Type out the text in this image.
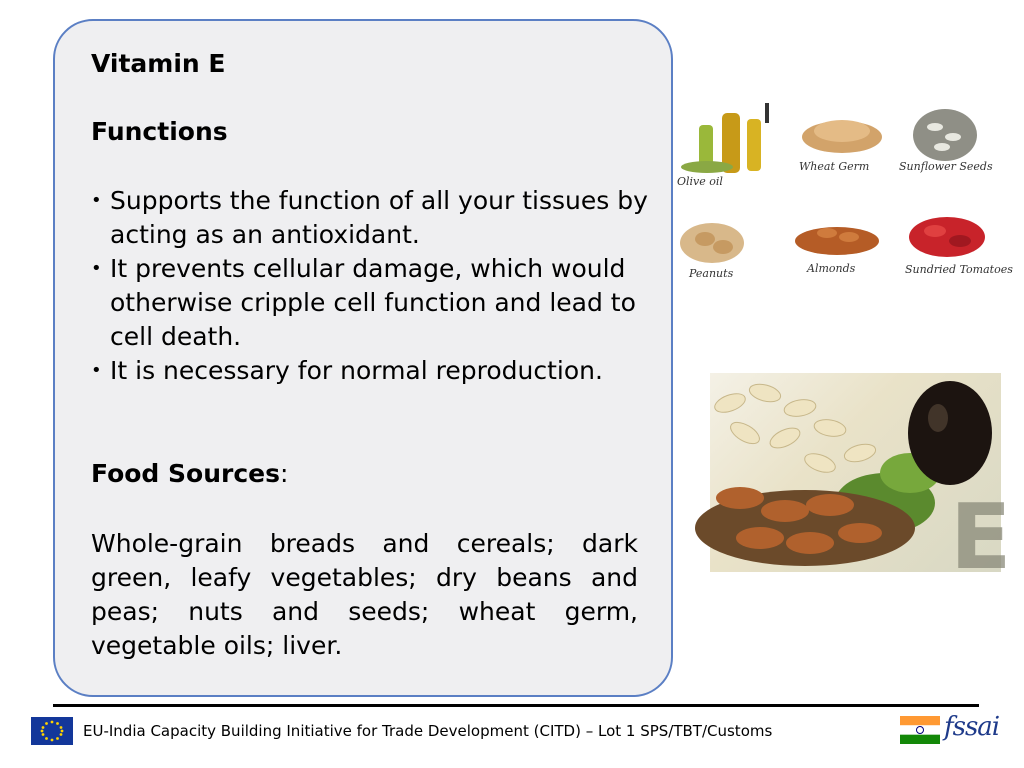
Vitamin E
Functions
• Supports the function of all your tissues by acting as an antioxidant.
• It prevents cellular damage, which would otherwise cripple cell function and lead to cell death.
• It is necessary for normal reproduction.
Food Sources:
Whole-grain breads and cereals; dark green, leafy vegetables; dry beans and peas; nuts and seeds; wheat germ, vegetable oils; liver.
Olive oil
Wheat Germ	Sunflower Seeds
Peanuts	Almonds	Sundried Tomatoes
E
EU-India Capacity Building Initiative for Trade Development (CITD) – Lot 1 SPS/TBT/Customs	fssai
